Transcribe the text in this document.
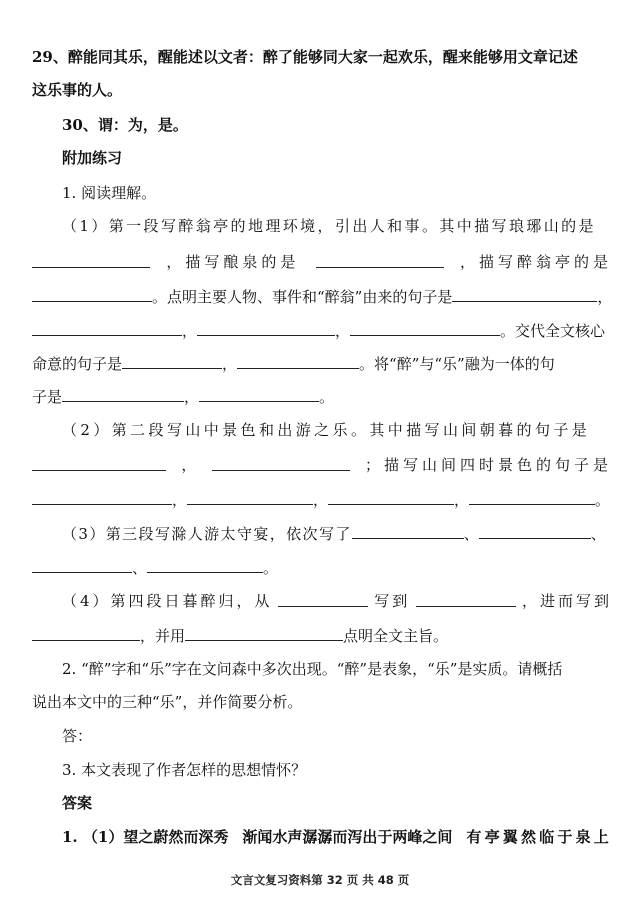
29、醉能同其乐，醒能述以文者：醉了能够同大家一起欢乐，醒来能够用文章记述
这乐事的人。
30、谓：为，是。
附加练习
1. 阅读理解。
（1）第一段写醉翁亭的地理环境，引出人和事。其中描写琅琊山的是
，描写酿泉的是	，描写醉翁亭的是
。点明主要人物、事件和“醉翁”由来的句子是	，
，	，	。交代全文核心
命意的句子是	，	。将“醉”与“乐”融为一体的句
子是	，	。
（2）第二段写山中景色和出游之乐。其中描写山间朝暮的句子是
，	；描写山间四时景色的句子是
，	，	，	。
（3）第三段写滁人游太守宴，依次写了	、	、
、	。
（4）第四段日暮醉归，从	写到	，进而写到
，并用	点明全文主旨。
2. “醉”字和“乐”字在文问森中多次出现。“醉”是表象，“乐”是实质。请概括
说出本文中的三种“乐”，并作简要分析。
答：
3. 本文表现了作者怎样的思想情怀？
答案
1. （1）望之蔚然而深秀 渐闻水声潺潺而泻出于两峰之间 有亭翼然临于泉上
文言文复习资料第 32 页 共 48 页
